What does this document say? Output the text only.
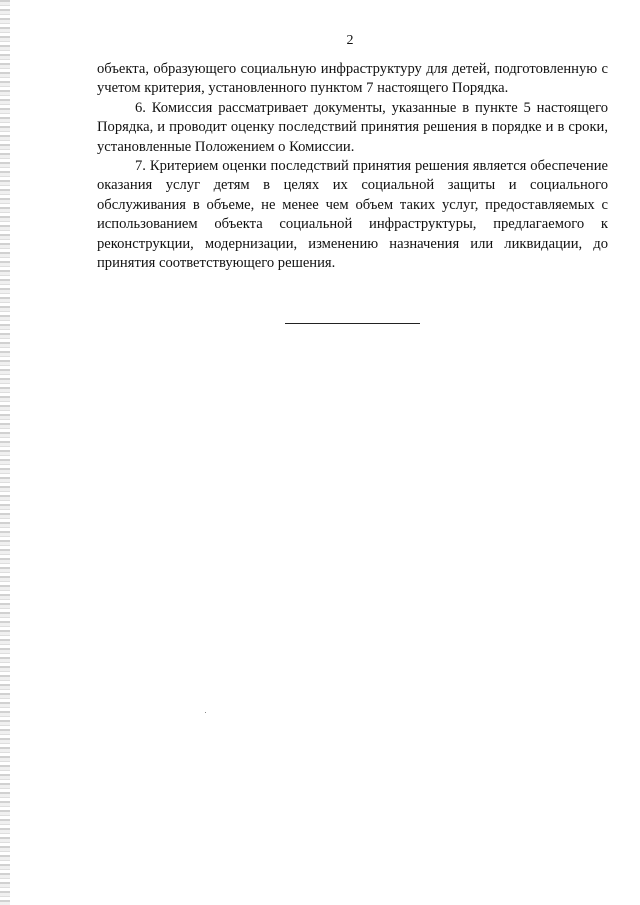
2

объекта, образующего социальную инфраструктуру для детей, подготовленную с учетом критерия, установленного пунктом 7 настоящего Порядка.

6. Комиссия рассматривает документы, указанные в пункте 5 настоящего Порядка, и проводит оценку последствий принятия решения в порядке и в сроки, установленные Положением о Комиссии.

7. Критерием оценки последствий принятия решения является обеспечение оказания услуг детям в целях их социальной защиты и социального обслуживания в объеме, не менее чем объем таких услуг, предоставляемых с использованием объекта социальной инфраструктуры, предлагаемого к реконструкции, модернизации, изменению назначения или ликвидации, до принятия соответствующего решения.
